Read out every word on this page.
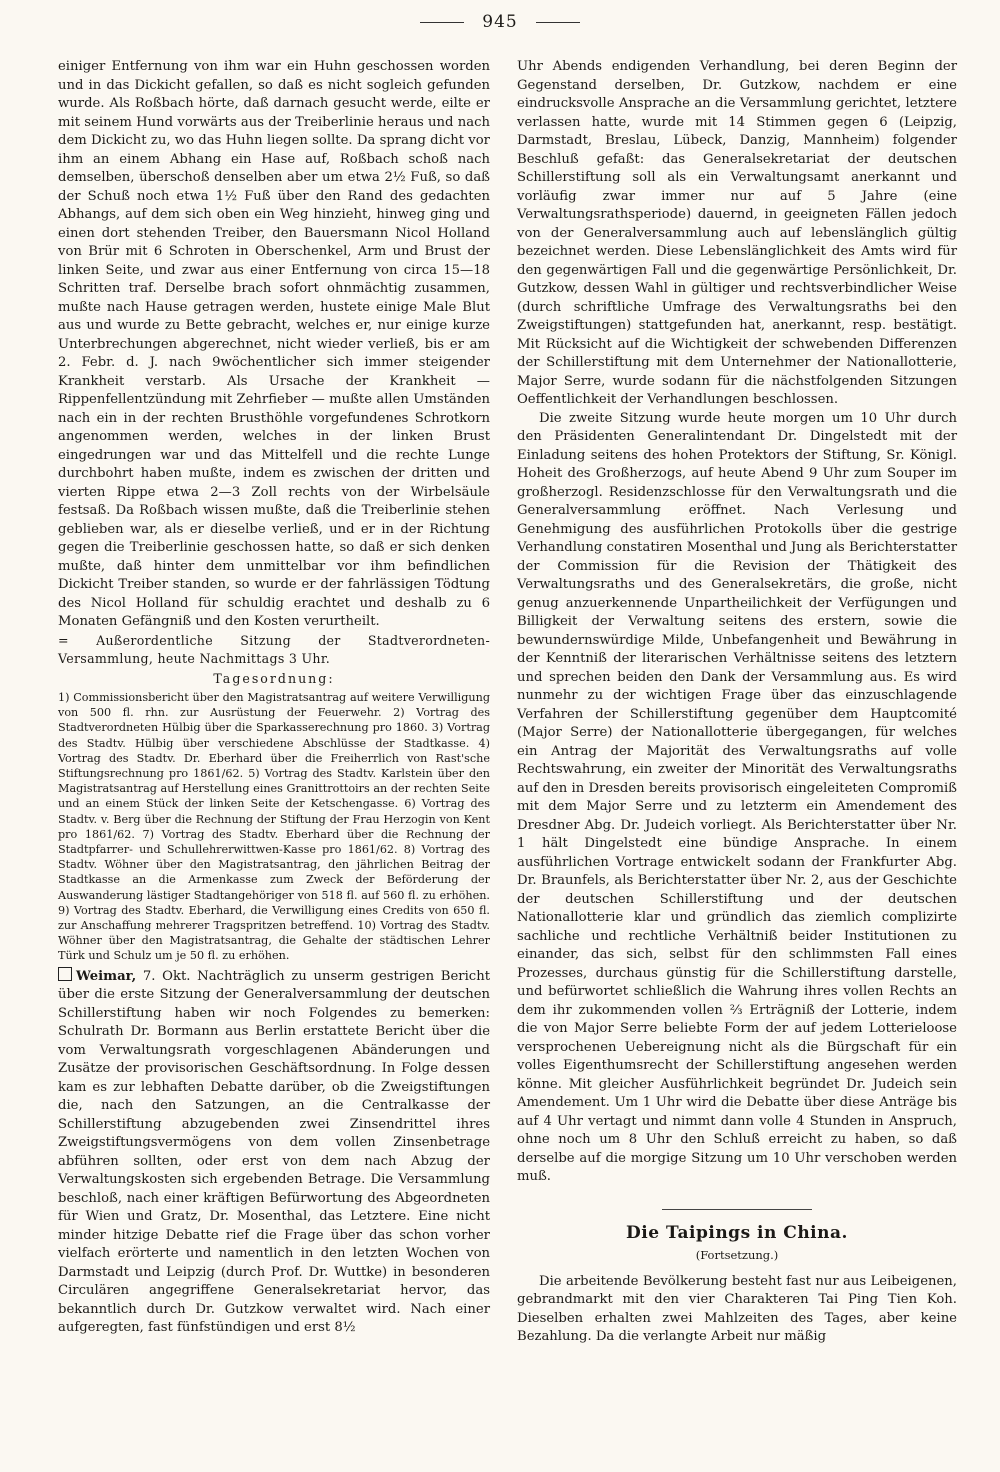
945

einiger Entfernung von ihm war ein Huhn geschossen worden und in das Dickicht gefallen, so daß es nicht sogleich gefunden wurde. Als Roßbach hörte, daß darnach gesucht werde, eilte er mit seinem Hund vorwärts aus der Treiberlinie heraus und nach dem Dickicht zu, wo das Huhn liegen sollte. Da sprang dicht vor ihm an einem Abhang ein Hase auf, Roßbach schoß nach demselben, überschoß denselben aber um etwa 2½ Fuß, so daß der Schuß noch etwa 1½ Fuß über den Rand des gedachten Abhangs, auf dem sich oben ein Weg hinzieht, hinweg ging und einen dort stehenden Treiber, den Bauersmann Nicol Holland von Brür mit 6 Schroten in Oberschenkel, Arm und Brust der linken Seite, und zwar aus einer Entfernung von circa 15—18 Schritten traf. Derselbe brach sofort ohnmächtig zusammen, mußte nach Hause getragen werden, hustete einige Male Blut aus und wurde zu Bette gebracht, welches er, nur einige kurze Unterbrechungen abgerechnet, nicht wieder verließ, bis er am 2. Febr. d. J. nach 9wöchentlicher sich immer steigender Krankheit verstarb. Als Ursache der Krankheit — Rippenfellentzündung mit Zehrfieber — mußte allen Umständen nach ein in der rechten Brusthöhle vorgefundenes Schrotkorn angenommen werden, welches in der linken Brust eingedrungen war und das Mittelfell und die rechte Lunge durchbohrt haben mußte, indem es zwischen der dritten und vierten Rippe etwa 2—3 Zoll rechts von der Wirbelsäule festsaß. Da Roßbach wissen mußte, daß die Treiberlinie stehen geblieben war, als er dieselbe verließ, und er in der Richtung gegen die Treiberlinie geschossen hatte, so daß er sich denken mußte, daß hinter dem unmittelbar vor ihm befindlichen Dickicht Treiber standen, so wurde er der fahrlässigen Tödtung des Nicol Holland für schuldig erachtet und deshalb zu 6 Monaten Gefängniß und den Kosten verurtheilt.

= Außerordentliche Sitzung der Stadtverordneten-Versammlung, heute Nachmittags 3 Uhr.

Tagesordnung:

1) Commissionsbericht über den Magistratsantrag auf weitere Verwilligung von 500 fl. rhn. zur Ausrüstung der Feuerwehr. 2) Vortrag des Stadtverordneten Hülbig über die Sparkasserechnung pro 1860. 3) Vortrag des Stadtv. Hülbig über verschiedene Abschlüsse der Stadtkasse. 4) Vortrag des Stadtv. Dr. Eberhard über die Freiherrlich von Rast'sche Stiftungsrechnung pro 1861/62. 5) Vortrag des Stadtv. Karlstein über den Magistratsantrag auf Herstellung eines Granittrottoirs an der rechten Seite und an einem Stück der linken Seite der Ketschengasse. 6) Vortrag des Stadtv. v. Berg über die Rechnung der Stiftung der Frau Herzogin von Kent pro 1861/62. 7) Vortrag des Stadtv. Eberhard über die Rechnung der Stadtpfarrer- und Schullehrerwittwen-Kasse pro 1861/62. 8) Vortrag des Stadtv. Wöhner über den Magistratsantrag, den jährlichen Beitrag der Stadtkasse an die Armenkasse zum Zweck der Beförderung der Auswanderung lästiger Stadtangehöriger von 518 fl. auf 560 fl. zu erhöhen. 9) Vortrag des Stadtv. Eberhard, die Verwilligung eines Credits von 650 fl. zur Anschaffung mehrerer Tragspritzen betreffend. 10) Vortrag des Stadtv. Wöhner über den Magistratsantrag, die Gehalte der städtischen Lehrer Türk und Schulz um je 50 fl. zu erhöhen.

Weimar, 7. Okt. Nachträglich zu unserm gestrigen Bericht über die erste Sitzung der Generalversammlung der deutschen Schillerstiftung haben wir noch Folgendes zu bemerken: Schulrath Dr. Bormann aus Berlin erstattete Bericht über die vom Verwaltungsrath vorgeschlagenen Abänderungen und Zusätze der provisorischen Geschäftsordnung. In Folge dessen kam es zur lebhaften Debatte darüber, ob die Zweigstiftungen die, nach den Satzungen, an die Centralkasse der Schillerstiftung abzugebenden zwei Zinsendrittel ihres Zweigstiftungsvermögens von dem vollen Zinsenbetrage abführen sollten, oder erst von dem nach Abzug der Verwaltungskosten sich ergebenden Betrage. Die Versammlung beschloß, nach einer kräftigen Befürwortung des Abgeordneten für Wien und Gratz, Dr. Mosenthal, das Letztere. Eine nicht minder hitzige Debatte rief die Frage über das schon vorher vielfach erörterte und namentlich in den letzten Wochen von Darmstadt und Leipzig (durch Prof. Dr. Wuttke) in besonderen Circulären angegriffene Generalsekretariat hervor, das bekanntlich durch Dr. Gutzkow verwaltet wird. Nach einer aufgeregten, fast fünfstündigen und erst 8½

Uhr Abends endigenden Verhandlung, bei deren Beginn der Gegenstand derselben, Dr. Gutzkow, nachdem er eine eindrucksvolle Ansprache an die Versammlung gerichtet, letztere verlassen hatte, wurde mit 14 Stimmen gegen 6 (Leipzig, Darmstadt, Breslau, Lübeck, Danzig, Mannheim) folgender Beschluß gefaßt: das Generalsekretariat der deutschen Schillerstiftung soll als ein Verwaltungsamt anerkannt und vorläufig zwar immer nur auf 5 Jahre (eine Verwaltungsrathsperiode) dauernd, in geeigneten Fällen jedoch von der Generalversammlung auch auf lebenslänglich gültig bezeichnet werden. Diese Lebenslänglichkeit des Amts wird für den gegenwärtigen Fall und die gegenwärtige Persönlichkeit, Dr. Gutzkow, dessen Wahl in gültiger und rechtsverbindlicher Weise (durch schriftliche Umfrage des Verwaltungsraths bei den Zweigstiftungen) stattgefunden hat, anerkannt, resp. bestätigt. Mit Rücksicht auf die Wichtigkeit der schwebenden Differenzen der Schillerstiftung mit dem Unternehmer der Nationallotterie, Major Serre, wurde sodann für die nächstfolgenden Sitzungen Oeffentlichkeit der Verhandlungen beschlossen.

Die zweite Sitzung wurde heute morgen um 10 Uhr durch den Präsidenten Generalintendant Dr. Dingelstedt mit der Einladung seitens des hohen Protektors der Stiftung, Sr. Königl. Hoheit des Großherzogs, auf heute Abend 9 Uhr zum Souper im großherzogl. Residenzschlosse für den Verwaltungsrath und die Generalversammlung eröffnet. Nach Verlesung und Genehmigung des ausführlichen Protokolls über die gestrige Verhandlung constatiren Mosenthal und Jung als Berichterstatter der Commission für die Revision der Thätigkeit des Verwaltungsraths und des Generalsekretärs, die große, nicht genug anzuerkennende Unpartheilichkeit der Verfügungen und Billigkeit der Verwaltung seitens des erstern, sowie die bewundernswürdige Milde, Unbefangenheit und Bewährung in der Kenntniß der literarischen Verhältnisse seitens des letztern und sprechen beiden den Dank der Versammlung aus. Es wird nunmehr zu der wichtigen Frage über das einzuschlagende Verfahren der Schillerstiftung gegenüber dem Hauptcomité (Major Serre) der Nationallotterie übergegangen, für welches ein Antrag der Majorität des Verwaltungsraths auf volle Rechtswahrung, ein zweiter der Minorität des Verwaltungsraths auf den in Dresden bereits provisorisch eingeleiteten Compromiß mit dem Major Serre und zu letzterm ein Amendement des Dresdner Abg. Dr. Judeich vorliegt. Als Berichterstatter über Nr. 1 hält Dingelstedt eine bündige Ansprache. In einem ausführlichen Vortrage entwickelt sodann der Frankfurter Abg. Dr. Braunfels, als Berichterstatter über Nr. 2, aus der Geschichte der deutschen Schillerstiftung und der deutschen Nationallotterie klar und gründlich das ziemlich complizirte sachliche und rechtliche Verhältniß beider Institutionen zu einander, das sich, selbst für den schlimmsten Fall eines Prozesses, durchaus günstig für die Schillerstiftung darstelle, und befürwortet schließlich die Wahrung ihres vollen Rechts an dem ihr zukommenden vollen ⅔ Erträgniß der Lotterie, indem die von Major Serre beliebte Form der auf jedem Lotterieloose versprochenen Uebereignung nicht als die Bürgschaft für ein volles Eigenthumsrecht der Schillerstiftung angesehen werden könne. Mit gleicher Ausführlichkeit begründet Dr. Judeich sein Amendement. Um 1 Uhr wird die Debatte über diese Anträge bis auf 4 Uhr vertagt und nimmt dann volle 4 Stunden in Anspruch, ohne noch um 8 Uhr den Schluß erreicht zu haben, so daß derselbe auf die morgige Sitzung um 10 Uhr verschoben werden muß.

Die Taipings in China.

(Fortsetzung.)

Die arbeitende Bevölkerung besteht fast nur aus Leibeigenen, gebrandmarkt mit den vier Charakteren Tai Ping Tien Koh. Dieselben erhalten zwei Mahlzeiten des Tages, aber keine Bezahlung. Da die verlangte Arbeit nur mäßig
